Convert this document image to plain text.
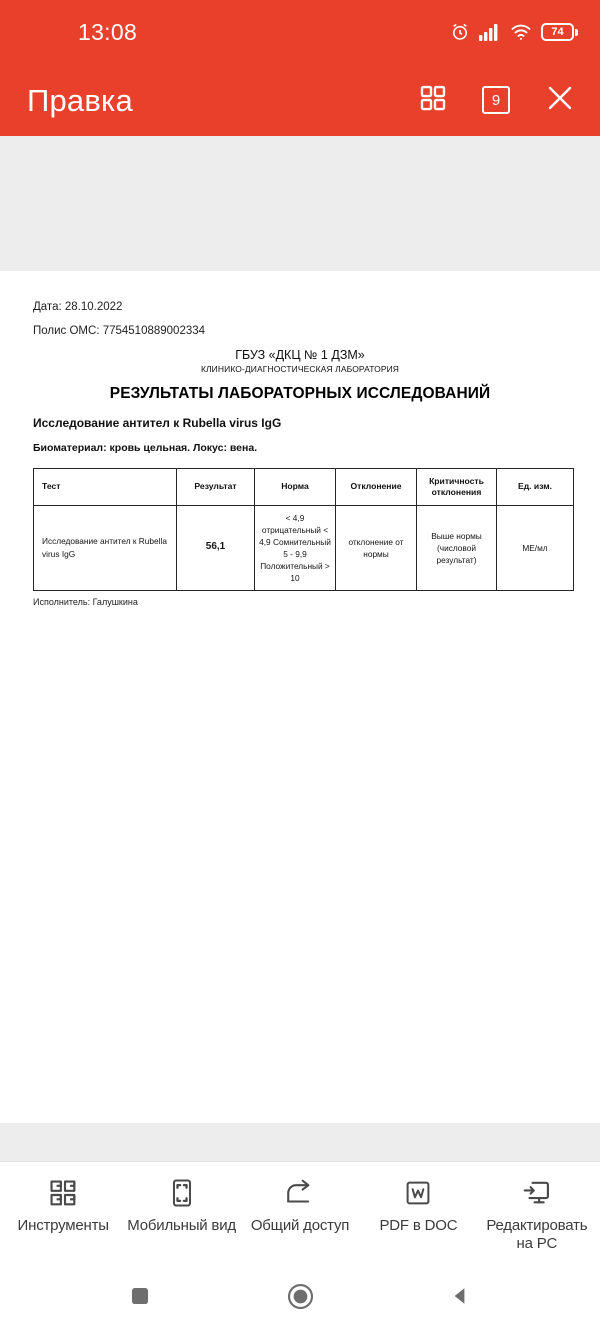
13:08	74
Правка	9
Дата: 28.10.2022
Полис ОМС: 7754510889002334
ГБУЗ «ДКЦ № 1 ДЗМ»
КЛИНИКО-ДИАГНОСТИЧЕСКАЯ ЛАБОРАТОРИЯ
РЕЗУЛЬТАТЫ ЛАБОРАТОРНЫХ ИССЛЕДОВАНИЙ
Исследование антител к Rubella virus IgG
Биоматериал: кровь цельная. Локус: вена.
Тест	Результат	Норма	Отклонение	Критичность отклонения	Ед. изм.
Исследование антител к Rubella virus IgG	56,1	< 4,9 отрицательный < 4,9 Сомнительный 5 - 9,9 Положительный > 10	отклонение от нормы	Выше нормы (числовой результат)	МЕ/мл
Исполнитель: Галушкина
Инструменты Мобильный вид Общий доступ PDF в DOC	Редактировать на PC
